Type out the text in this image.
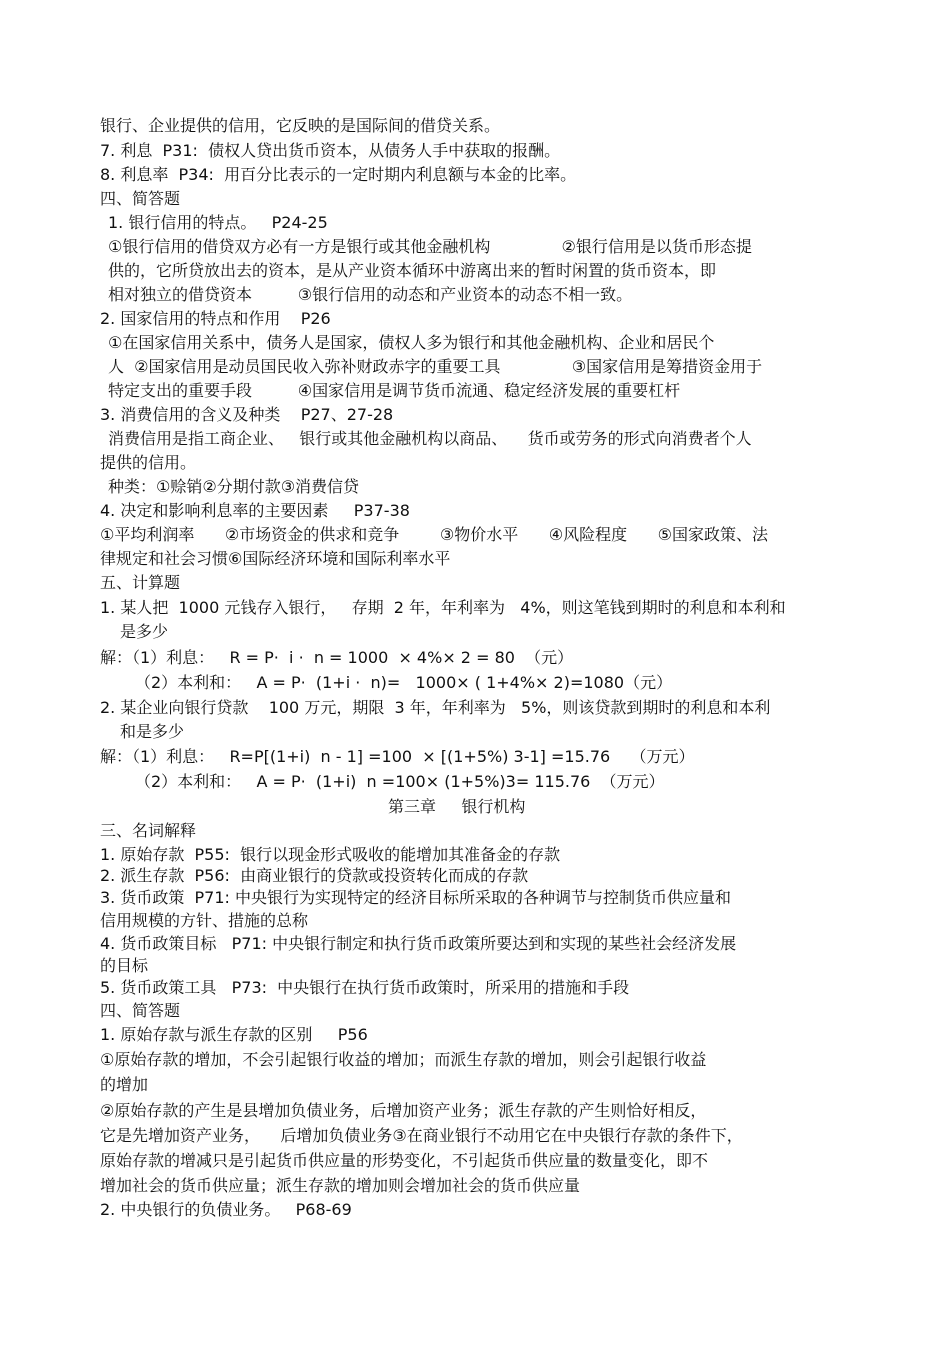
银行、企业提供的信用，它反映的是国际间的借贷关系。
7. 利息  P31:  债权人贷出货币资本，从债务人手中获取的报酬。
8. 利息率  P34:  用百分比表示的一定时期内利息额与本金的比率。
四、简答题
1. 银行信用的特点。   P24-25
①银行信用的借贷双方必有一方是银行或其他金融机构              ②银行信用是以货币形态提
供的，它所贷放出去的资本，是从产业资本循环中游离出来的暂时闲置的货币资本，即
相对独立的借贷资本         ③银行信用的动态和产业资本的动态不相一致。
2. 国家信用的特点和作用    P26
①在国家信用关系中，债务人是国家，债权人多为银行和其他金融机构、企业和居民个
人  ②国家信用是动员国民收入弥补财政赤字的重要工具              ③国家信用是筹措资金用于
特定支出的重要手段         ④国家信用是调节货币流通、稳定经济发展的重要杠杆
3. 消费信用的含义及种类    P27、27-28
消费信用是指工商企业、   银行或其他金融机构以商品、    货币或劳务的形式向消费者个人
提供的信用。
种类：①赊销②分期付款③消费信贷
4. 决定和影响利息率的主要因素     P37-38
①平均利润率      ②市场资金的供求和竞争        ③物价水平      ④风险程度      ⑤国家政策、法
律规定和社会习惯⑥国际经济环境和国际利率水平
五、计算题
1. 某人把  1000 元钱存入银行，   存期  2 年，年利率为   4%，则这笔钱到期时的利息和本利和
是多少
解：（1）利息：   R = P·  i ·  n = 1000  × 4%× 2 = 80  （元）
（2）本利和：   A = P·  (1+i ·  n)=   1000× ( 1+4%× 2)=1080（元）
2. 某企业向银行贷款    100 万元，期限  3 年，年利率为   5%，则该贷款到期时的利息和本利
和是多少
解：（1）利息：   R=P[(1+i)  n - 1] =100  × [(1+5%) 3-1] =15.76    （万元）
（2）本利和：   A = P·  (1+i)  n =100× (1+5%)3= 115.76  （万元）
第三章     银行机构
三、名词解释
1. 原始存款  P55:  银行以现金形式吸收的能增加其准备金的存款
2. 派生存款  P56:  由商业银行的贷款或投资转化而成的存款
3. 货币政策  P71: 中央银行为实现特定的经济目标所采取的各种调节与控制货币供应量和
信用规模的方针、措施的总称
4. 货币政策目标   P71: 中央银行制定和执行货币政策所要达到和实现的某些社会经济发展
的目标
5. 货币政策工具   P73:  中央银行在执行货币政策时，所采用的措施和手段
四、简答题
1. 原始存款与派生存款的区别     P56
①原始存款的增加，不会引起银行收益的增加；而派生存款的增加，则会引起银行收益
的增加
②原始存款的产生是县增加负债业务，后增加资产业务；派生存款的产生则恰好相反，
它是先增加资产业务，    后增加负债业务③在商业银行不动用它在中央银行存款的条件下，
原始存款的增减只是引起货币供应量的形势变化，不引起货币供应量的数量变化，即不
增加社会的货币供应量；派生存款的增加则会增加社会的货币供应量
2. 中央银行的负债业务。   P68-69
